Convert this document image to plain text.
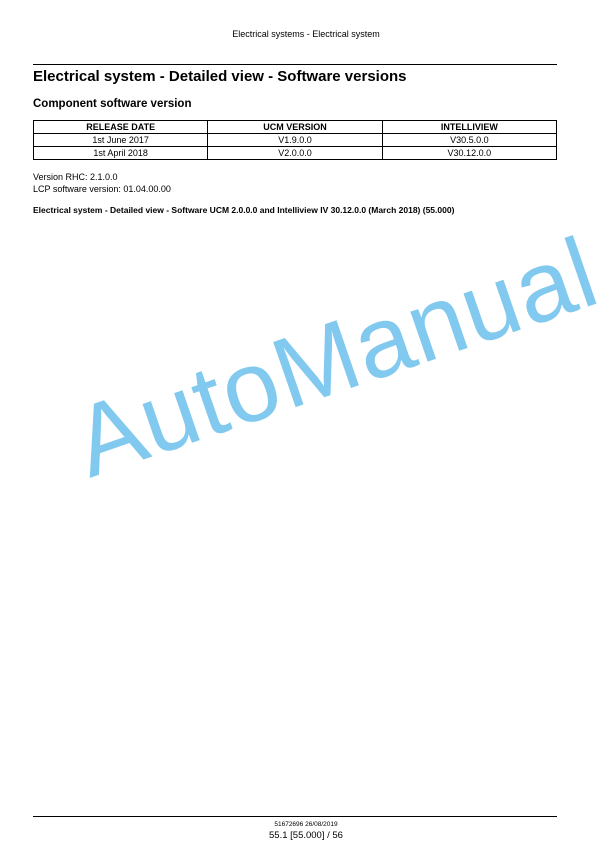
Electrical systems - Electrical system
Electrical system - Detailed view - Software versions
Component software version
RELEASE DATE	UCM VERSION	INTELLIVIEW
1st June 2017	V1.9.0.0	V30.5.0.0
1st April 2018	V2.0.0.0	V30.12.0.0
Version RHC: 2.1.0.0
LCP software version: 01.04.00.00
Electrical system - Detailed view - Software UCM 2.0.0.0 and Intelliview IV 30.12.0.0 (March 2018) (55.000)
AutoManual
51672696 26/08/2019
55.1 [55.000] / 56
